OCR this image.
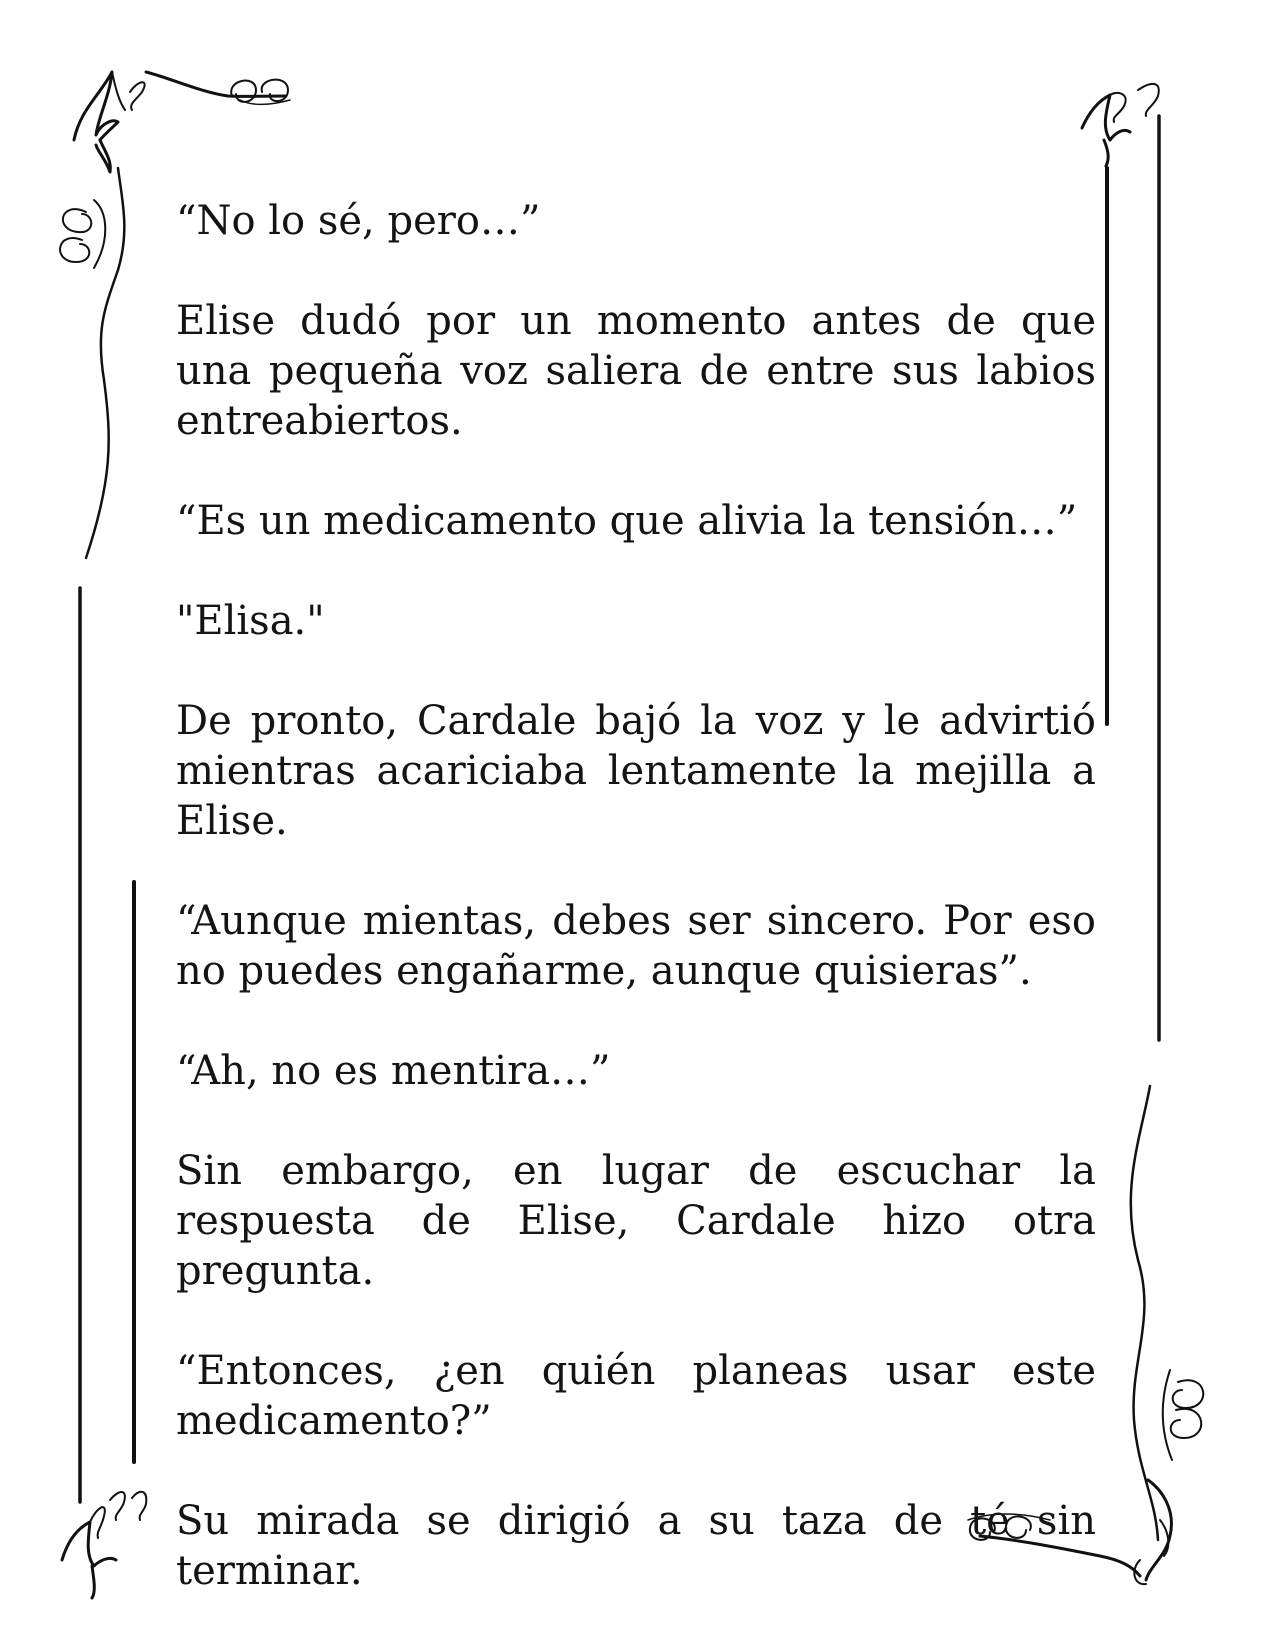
“No lo sé, pero…”

Elise dudó por un momento antes de que una pequeña voz saliera de entre sus labios entreabiertos.

“Es un medicamento que alivia la tensión…”

"Elisa."

De pronto, Cardale bajó la voz y le advirtió mientras acariciaba lentamente la mejilla a Elise.

“Aunque mientas, debes ser sincero. Por eso no puedes engañarme, aunque quisieras”.

“Ah, no es mentira…”

Sin embargo, en lugar de escuchar la respuesta de Elise, Cardale hizo otra pregunta.

“Entonces, ¿en quién planeas usar este medicamento?”

Su mirada se dirigió a su taza de té sin terminar.
